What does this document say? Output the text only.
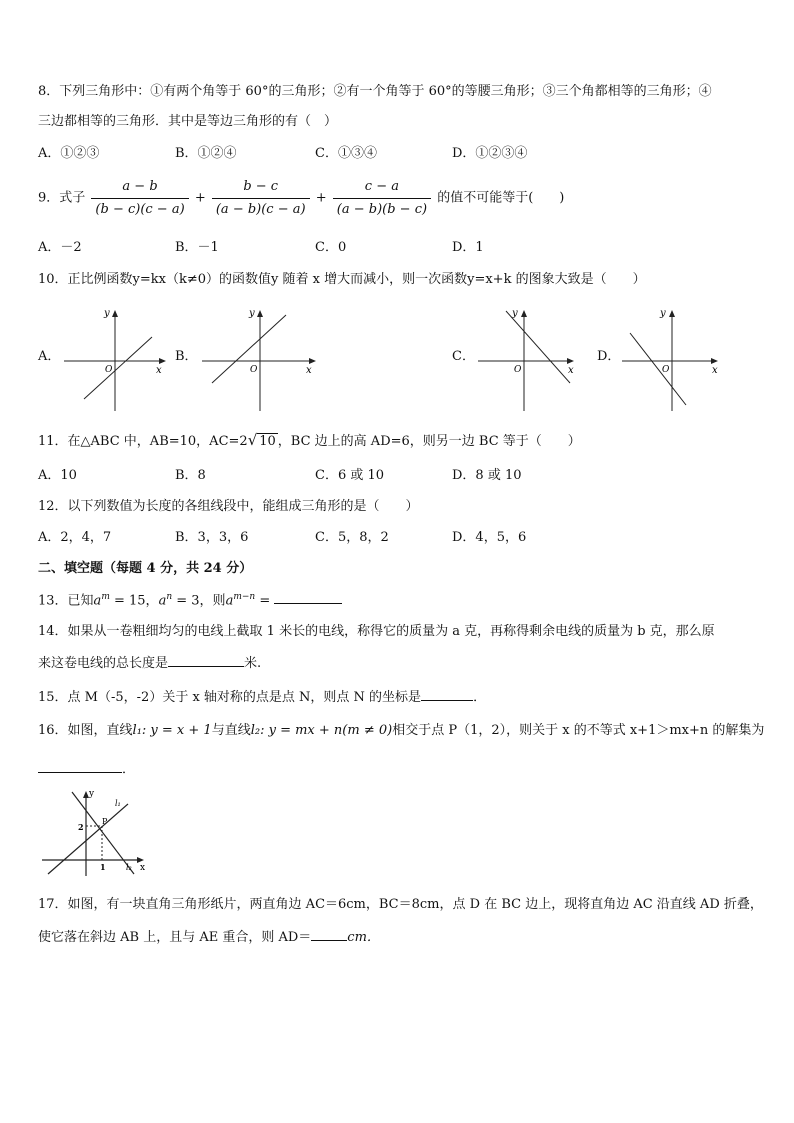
8．下列三角形中：①有两个角等于 60°的三角形；②有一个角等于 60°的等腰三角形；③三个角都相等的三角形；④
三边都相等的三角形．其中是等边三角形的有（　）
A．①②③	B．①②④	C．①③④	D．①②③④
9．式子 $\frac{a - b}{(b - c)(c - a)} + \frac{b - c}{(a - b)(c - a)} + \frac{c - a}{(a - b)(b - c)}$ 的值不可能等于(　　)
A．－2	B．－1	C．0	D．1
10．正比例函数y=kx（k≠0）的函数值y 随着 x 增大而减小，则一次函数y=x+k 的图象大致是（　　）
A．
y
x
O
B．
y
x
O
C．
y
x
O
D．
y
x
O
11．在△ABC 中，AB=10，AC=2√ 10 ，BC 边上的高 AD=6，则另一边 BC 等于（　　）
A．10	B．8	C．6 或 10	D．8 或 10
12．以下列数值为长度的各组线段中，能组成三角形的是（　　）
A．2，4，7	B．3，3，6	C．5，8，2	D．4，5，6
二、填空题（每题 4 分，共 24 分）
13．已知$a^m = 15$，$a^n = 3$，则$a^{m-n}$ =
14．如果从一卷粗细均匀的电线上截取 1 米长的电线，称得它的质量为 a 克，再称得剩余电线的质量为 b 克，那么原
来这卷电线的总长度是	米.
15．点 M（-5，-2）关于 x 轴对称的点是点 N，则点 N 的坐标是	．
16．如图，直线l₁: y = x + 1与直线l₂: y = mx + n(m ≠ 0)相交于点 P（1，2），则关于 x 的不等式 x+1＞mx+n 的解集为
．
y
x
P
2
1
l₁
l₂
17．如图，有一块直角三角形纸片，两直角边 AC＝6cm，BC＝8cm，点 D 在 BC 边上，现将直角边 AC 沿直线 AD 折叠，
使它落在斜边 AB 上，且与 AE 重合，则 AD＝	cm．
